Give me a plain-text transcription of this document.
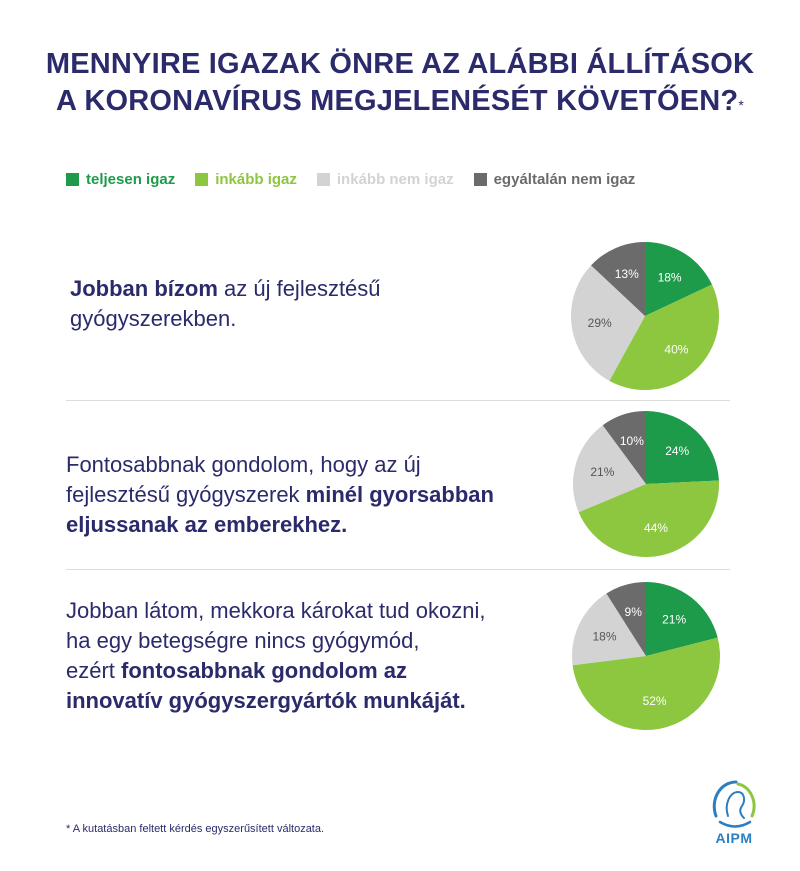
MENNYIRE IGAZAK ÖNRE AZ ALÁBBI ÁLLÍTÁSOK
A KORONAVÍRUS MEGJELENÉSÉT KÖVETŐEN?*
teljesen igaz	inkább igaz	inkább nem igaz	egyáltalán nem igaz
Jobban bízom az új fejlesztésű
gyógyszerekben.
18%
40%
29%
13%
Fontosabbnak gondolom, hogy az új
fejlesztésű gyógyszerek minél gyorsabban
eljussanak az emberekhez.
24%
44%
21%
10%
Jobban látom, mekkora károkat tud okozni,
ha egy betegségre nincs gyógymód,
ezért fontosabbnak gondolom az
innovatív gyógyszergyártók munkáját.
21%
52%
18%
9%
* A kutatásban feltett kérdés egyszerűsített változata.
AIPM
